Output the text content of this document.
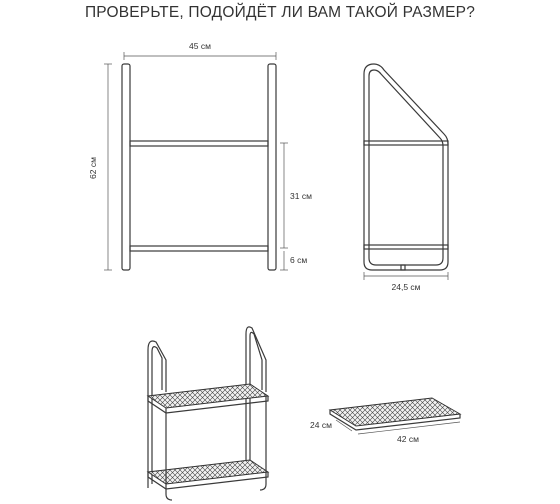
ПРОВЕРЬТЕ, ПОДОЙДЁТ ЛИ ВАМ ТАКОЙ РАЗМЕР?
45 см
62 см
31 см
6 см
24,5 см
24 см
42 см
